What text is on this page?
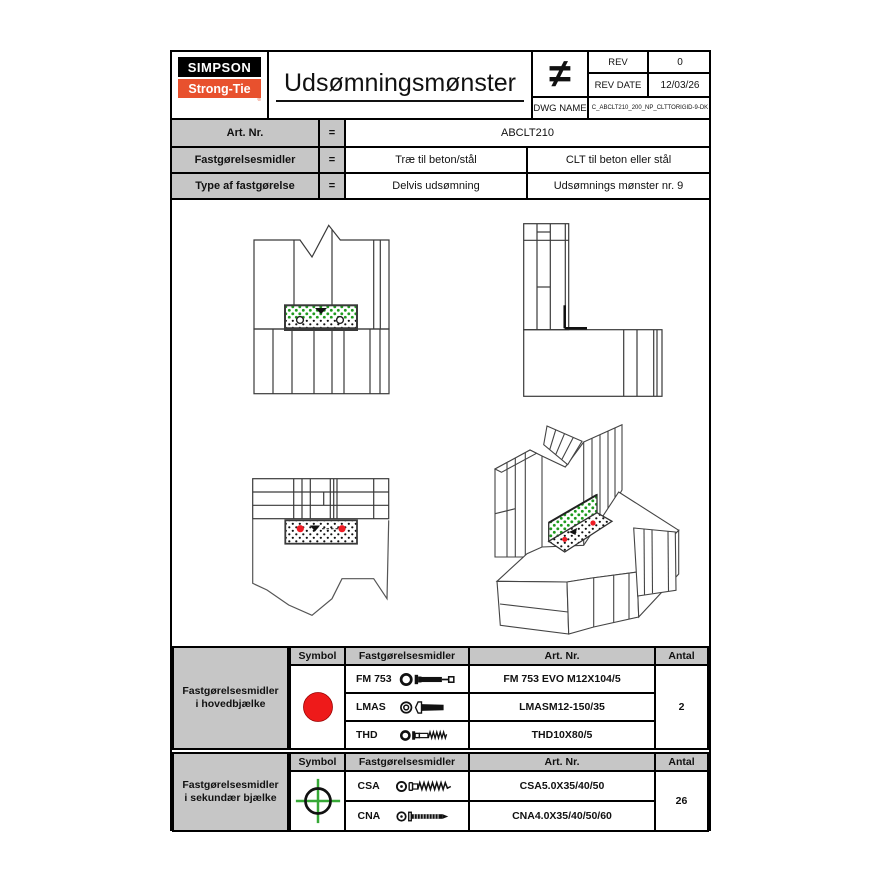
SIMPSON
Strong-Tie
®
Udsømningsmønster ≠	REV	0
REV DATE	12/03/26
DWG NAME C_ABCLT210_200_NP_CLTTORIGID-9-DK
Art. Nr.	=	ABCLT210
Fastgørelsesmidler	=	Træ til beton/stål	CLT til beton eller stål
Type af fastgørelse	=	Delvis udsømning	Udsømnings mønster nr. 9
Fastgørelsesmidler
i hovedbjælke
Symbol	Fastgørelsesmidler	Art. Nr.	Antal
FM 753	FM 753 EVO M12X104/5
LMAS	LMASM12-150/35
THD	THD10X80/5
2
Fastgørelsesmidler
i sekundær bjælke
Symbol	Fastgørelsesmidler	Art. Nr.	Antal
CSA	CSA5.0X35/40/50
CNA	CNA4.0X35/40/50/60
26
